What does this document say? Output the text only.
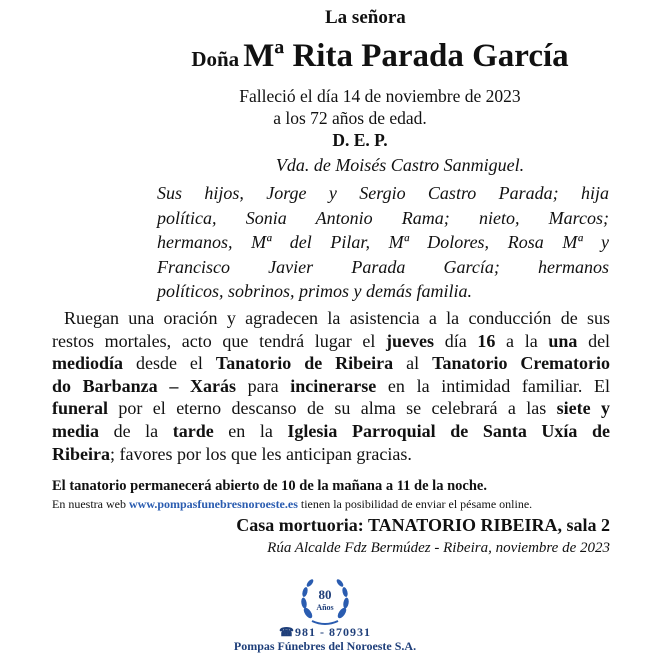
La señora
Doña Mª Rita Parada García
Falleció el día 14 de noviembre de 2023
a los 72 años de edad.
D. E. P.
Vda. de Moisés Castro Sanmiguel.
Sus hijos, Jorge y Sergio Castro Parada; hija
política, Sonia Antonio Rama; nieto, Marcos;
hermanos, Mª del Pilar, Mª Dolores, Rosa Mª y
Francisco Javier Parada García; hermanos
políticos, sobrinos, primos y demás familia.
Ruegan una oración y agradecen la asistencia a la conducción de sus
restos mortales, acto que tendrá lugar el jueves día 16 a la una del
mediodía desde el Tanatorio de Ribeira al Tanatorio Crematorio
do Barbanza – Xarás para incinerarse en la intimidad familiar. El
funeral por el eterno descanso de su alma se celebrará a las siete y
media de la tarde en la Iglesia Parroquial de Santa Uxía de
Ribeira; favores por los que les anticipan gracias.
El tanatorio permanecerá abierto de 10 de la mañana a 11 de la noche.
En nuestra web www.pompasfunebresnoroeste.es tienen la posibilidad de enviar el pésame online.
Casa mortuoria: TANATORIO RIBEIRA, sala 2
Rúa Alcalde Fdz Bermúdez - Ribeira, noviembre de 2023
80
Años
☎981 - 870931
Pompas Fúnebres del Noroeste S.A.
